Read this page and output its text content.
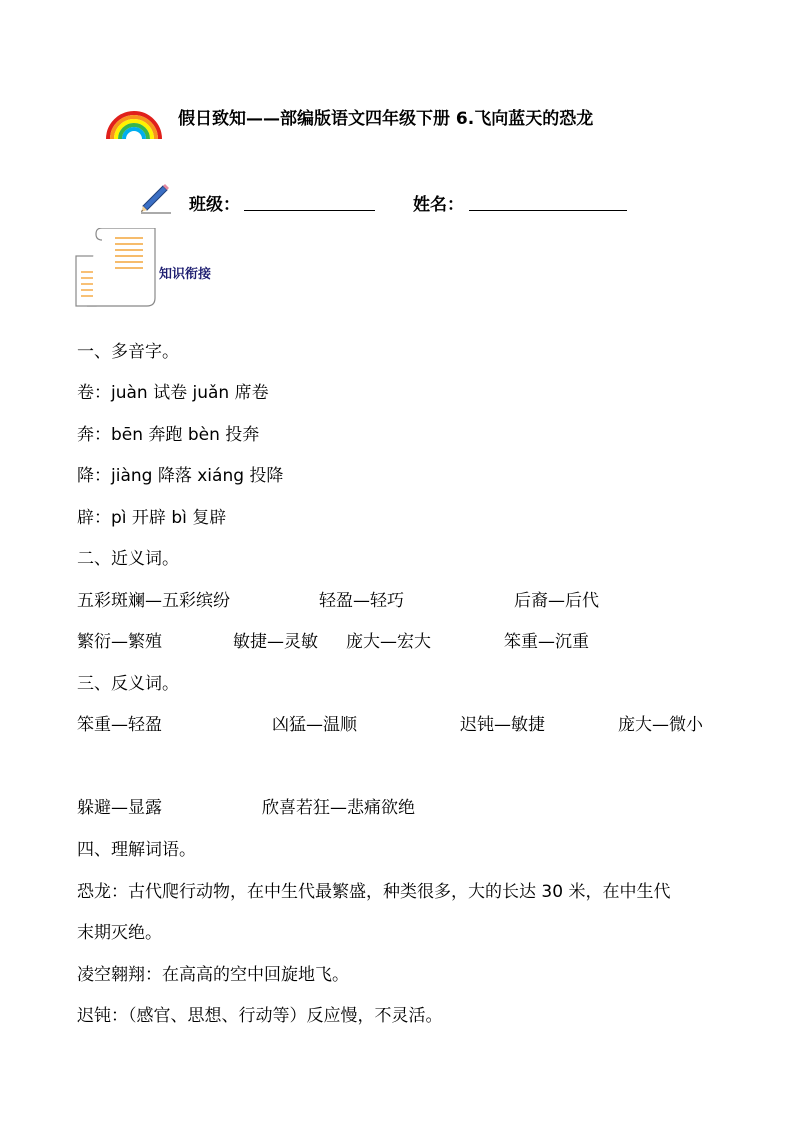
假日致知——部编版语文四年级下册 6.飞向蓝天的恐龙
班级：	姓名：
知识衔接
一、多音字。
卷：juàn 试卷 juǎn 席卷
奔：bēn 奔跑 bèn 投奔
降：jiàng 降落 xiáng 投降
辟：pì 开辟 bì 复辟
二、近义词。
五彩斑斓—五彩缤纷	轻盈—轻巧	后裔—后代
繁衍—繁殖	敏捷—灵敏 庞大—宏大	笨重—沉重
三、反义词。
笨重—轻盈	凶猛—温顺	迟钝—敏捷	庞大—微小
躲避—显露	欣喜若狂—悲痛欲绝
四、理解词语。
恐龙：古代爬行动物，在中生代最繁盛，种类很多，大的长达 30 米，在中生代
末期灭绝。
凌空翱翔：在高高的空中回旋地飞。
迟钝：（感官、思想、行动等）反应慢，不灵活。
